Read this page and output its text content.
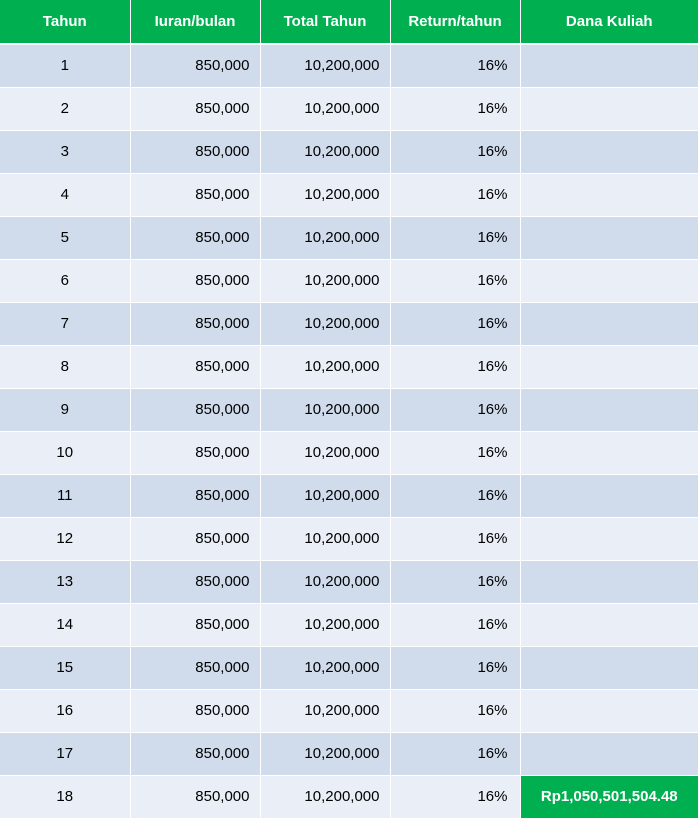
Tahun	Iuran/bulan	Total Tahun	Return/tahun	Dana Kuliah
1	850,000	10,200,000	16%	
2	850,000	10,200,000	16%	
3	850,000	10,200,000	16%	
4	850,000	10,200,000	16%	
5	850,000	10,200,000	16%	
6	850,000	10,200,000	16%	
7	850,000	10,200,000	16%	
8	850,000	10,200,000	16%	
9	850,000	10,200,000	16%	
10	850,000	10,200,000	16%	
11	850,000	10,200,000	16%	
12	850,000	10,200,000	16%	
13	850,000	10,200,000	16%	
14	850,000	10,200,000	16%	
15	850,000	10,200,000	16%	
16	850,000	10,200,000	16%	
17	850,000	10,200,000	16%	
18	850,000	10,200,000	16%	Rp1,050,501,504.48
